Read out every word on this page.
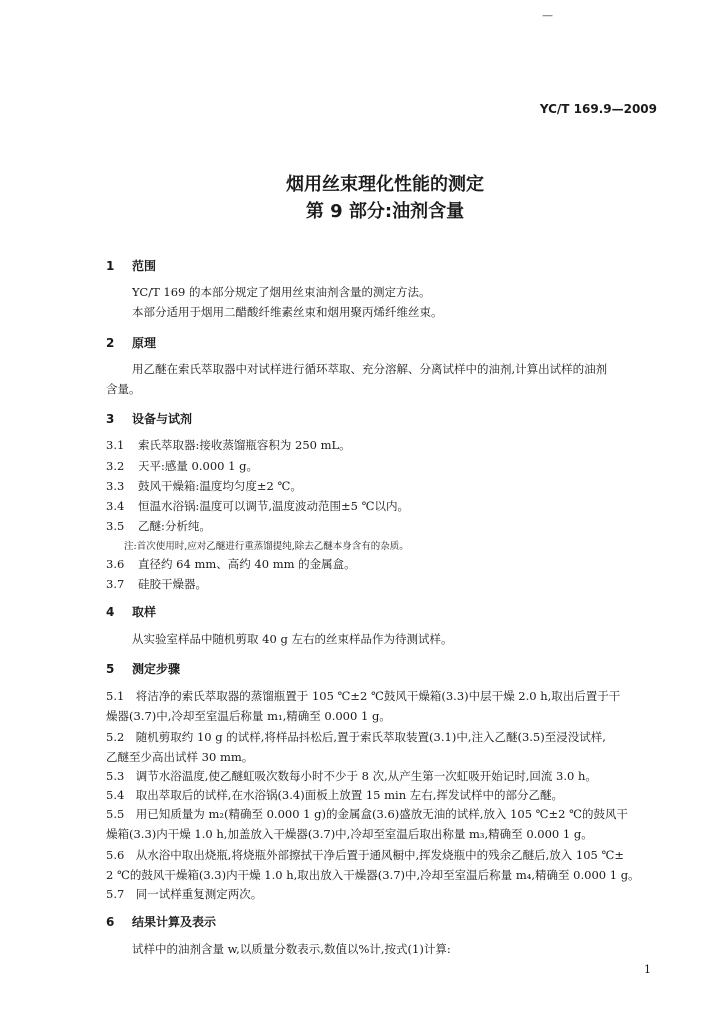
—
YC/T 169.9—2009
烟用丝束理化性能的测定
第 9 部分:油剂含量
1 范围
YC/T 169 的本部分规定了烟用丝束油剂含量的测定方法。
本部分适用于烟用二醋酸纤维素丝束和烟用聚丙烯纤维丝束。
2 原理
用乙醚在索氏萃取器中对试样进行循环萃取、充分溶解、分离试样中的油剂,计算出试样的油剂
含量。
3 设备与试剂
3.1 索氏萃取器:接收蒸馏瓶容积为 250 mL。
3.2 天平:感量 0.000 1 g。
3.3 鼓风干燥箱:温度均匀度±2 ℃。
3.4 恒温水浴锅:温度可以调节,温度波动范围±5 ℃以内。
3.5 乙醚:分析纯。
注:首次使用时,应对乙醚进行重蒸馏提纯,除去乙醚本身含有的杂质。
3.6 直径约 64 mm、高约 40 mm 的金属盒。
3.7 硅胶干燥器。
4 取样
从实验室样品中随机剪取 40 g 左右的丝束样品作为待测试样。
5 测定步骤
5.1　将洁净的索氏萃取器的蒸馏瓶置于 105 ℃±2 ℃鼓风干燥箱(3.3)中层干燥 2.0 h,取出后置于干
燥器(3.7)中,冷却至室温后称量 m₁,精确至 0.000 1 g。
5.2　随机剪取约 10 g 的试样,将样品抖松后,置于索氏萃取装置(3.1)中,注入乙醚(3.5)至浸没试样,
乙醚至少高出试样 30 mm。
5.3　调节水浴温度,使乙醚虹吸次数每小时不少于 8 次,从产生第一次虹吸开始记时,回流 3.0 h。
5.4　取出萃取后的试样,在水浴锅(3.4)面板上放置 15 min 左右,挥发试样中的部分乙醚。
5.5　用已知质量为 m₂(精确至 0.000 1 g)的金属盒(3.6)盛放无油的试样,放入 105 ℃±2 ℃的鼓风干
燥箱(3.3)内干燥 1.0 h,加盖放入干燥器(3.7)中,冷却至室温后取出称量 m₃,精确至 0.000 1 g。
5.6　从水浴中取出烧瓶,将烧瓶外部擦拭干净后置于通风橱中,挥发烧瓶中的残余乙醚后,放入 105 ℃±
2 ℃的鼓风干燥箱(3.3)内干燥 1.0 h,取出放入干燥器(3.7)中,冷却至室温后称量 m₄,精确至 0.000 1 g。
5.7　同一试样重复测定两次。
6 结果计算及表示
试样中的油剂含量 w,以质量分数表示,数值以%计,按式(1)计算:
1
